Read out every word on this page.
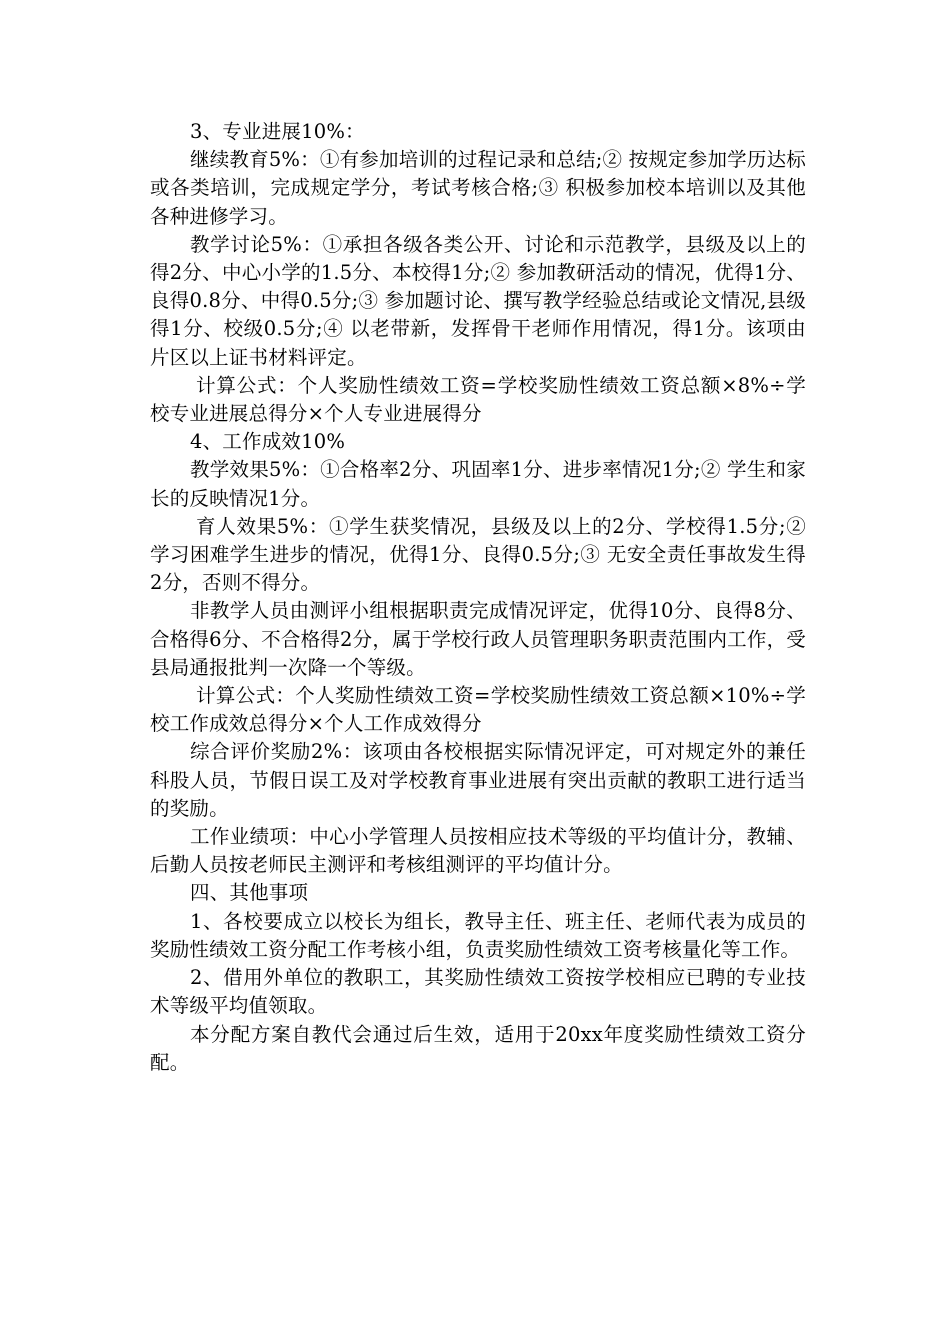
3、专业进展10%：

继续教育5%：①有参加培训的过程记录和总结;② 按规定参加学历达标或各类培训，完成规定学分，考试考核合格;③ 积极参加校本培训以及其他各种进修学习。

教学讨论5%：①承担各级各类公开、讨论和示范教学，县级及以上的得2分、中心小学的1.5分、本校得1分;② 参加教研活动的情况，优得1分、良得0.8分、中得0.5分;③ 参加题讨论、撰写教学经验总结或论文情况,县级得1分、校级0.5分;④ 以老带新，发挥骨干老师作用情况，得1分。该项由片区以上证书材料评定。

计算公式：个人奖励性绩效工资=学校奖励性绩效工资总额×8%÷学校专业进展总得分×个人专业进展得分

4、工作成效10%

教学效果5%：①合格率2分、巩固率1分、进步率情况1分;② 学生和家长的反映情况1分。

育人效果5%：①学生获奖情况，县级及以上的2分、学校得1.5分;② 学习困难学生进步的情况，优得1分、良得0.5分;③ 无安全责任事故发生得2分，否则不得分。

非教学人员由测评小组根据职责完成情况评定，优得10分、良得8分、合格得6分、不合格得2分，属于学校行政人员管理职务职责范围内工作，受县局通报批判一次降一个等级。

计算公式：个人奖励性绩效工资=学校奖励性绩效工资总额×10%÷学校工作成效总得分×个人工作成效得分

综合评价奖励2%：该项由各校根据实际情况评定，可对规定外的兼任科股人员，节假日误工及对学校教育事业进展有突出贡献的教职工进行适当的奖励。

工作业绩项：中心小学管理人员按相应技术等级的平均值计分，教辅、后勤人员按老师民主测评和考核组测评的平均值计分。

四、其他事项

1、各校要成立以校长为组长，教导主任、班主任、老师代表为成员的奖励性绩效工资分配工作考核小组，负责奖励性绩效工资考核量化等工作。

2、借用外单位的教职工，其奖励性绩效工资按学校相应已聘的专业技术等级平均值领取。

本分配方案自教代会通过后生效，适用于20xx年度奖励性绩效工资分配。
